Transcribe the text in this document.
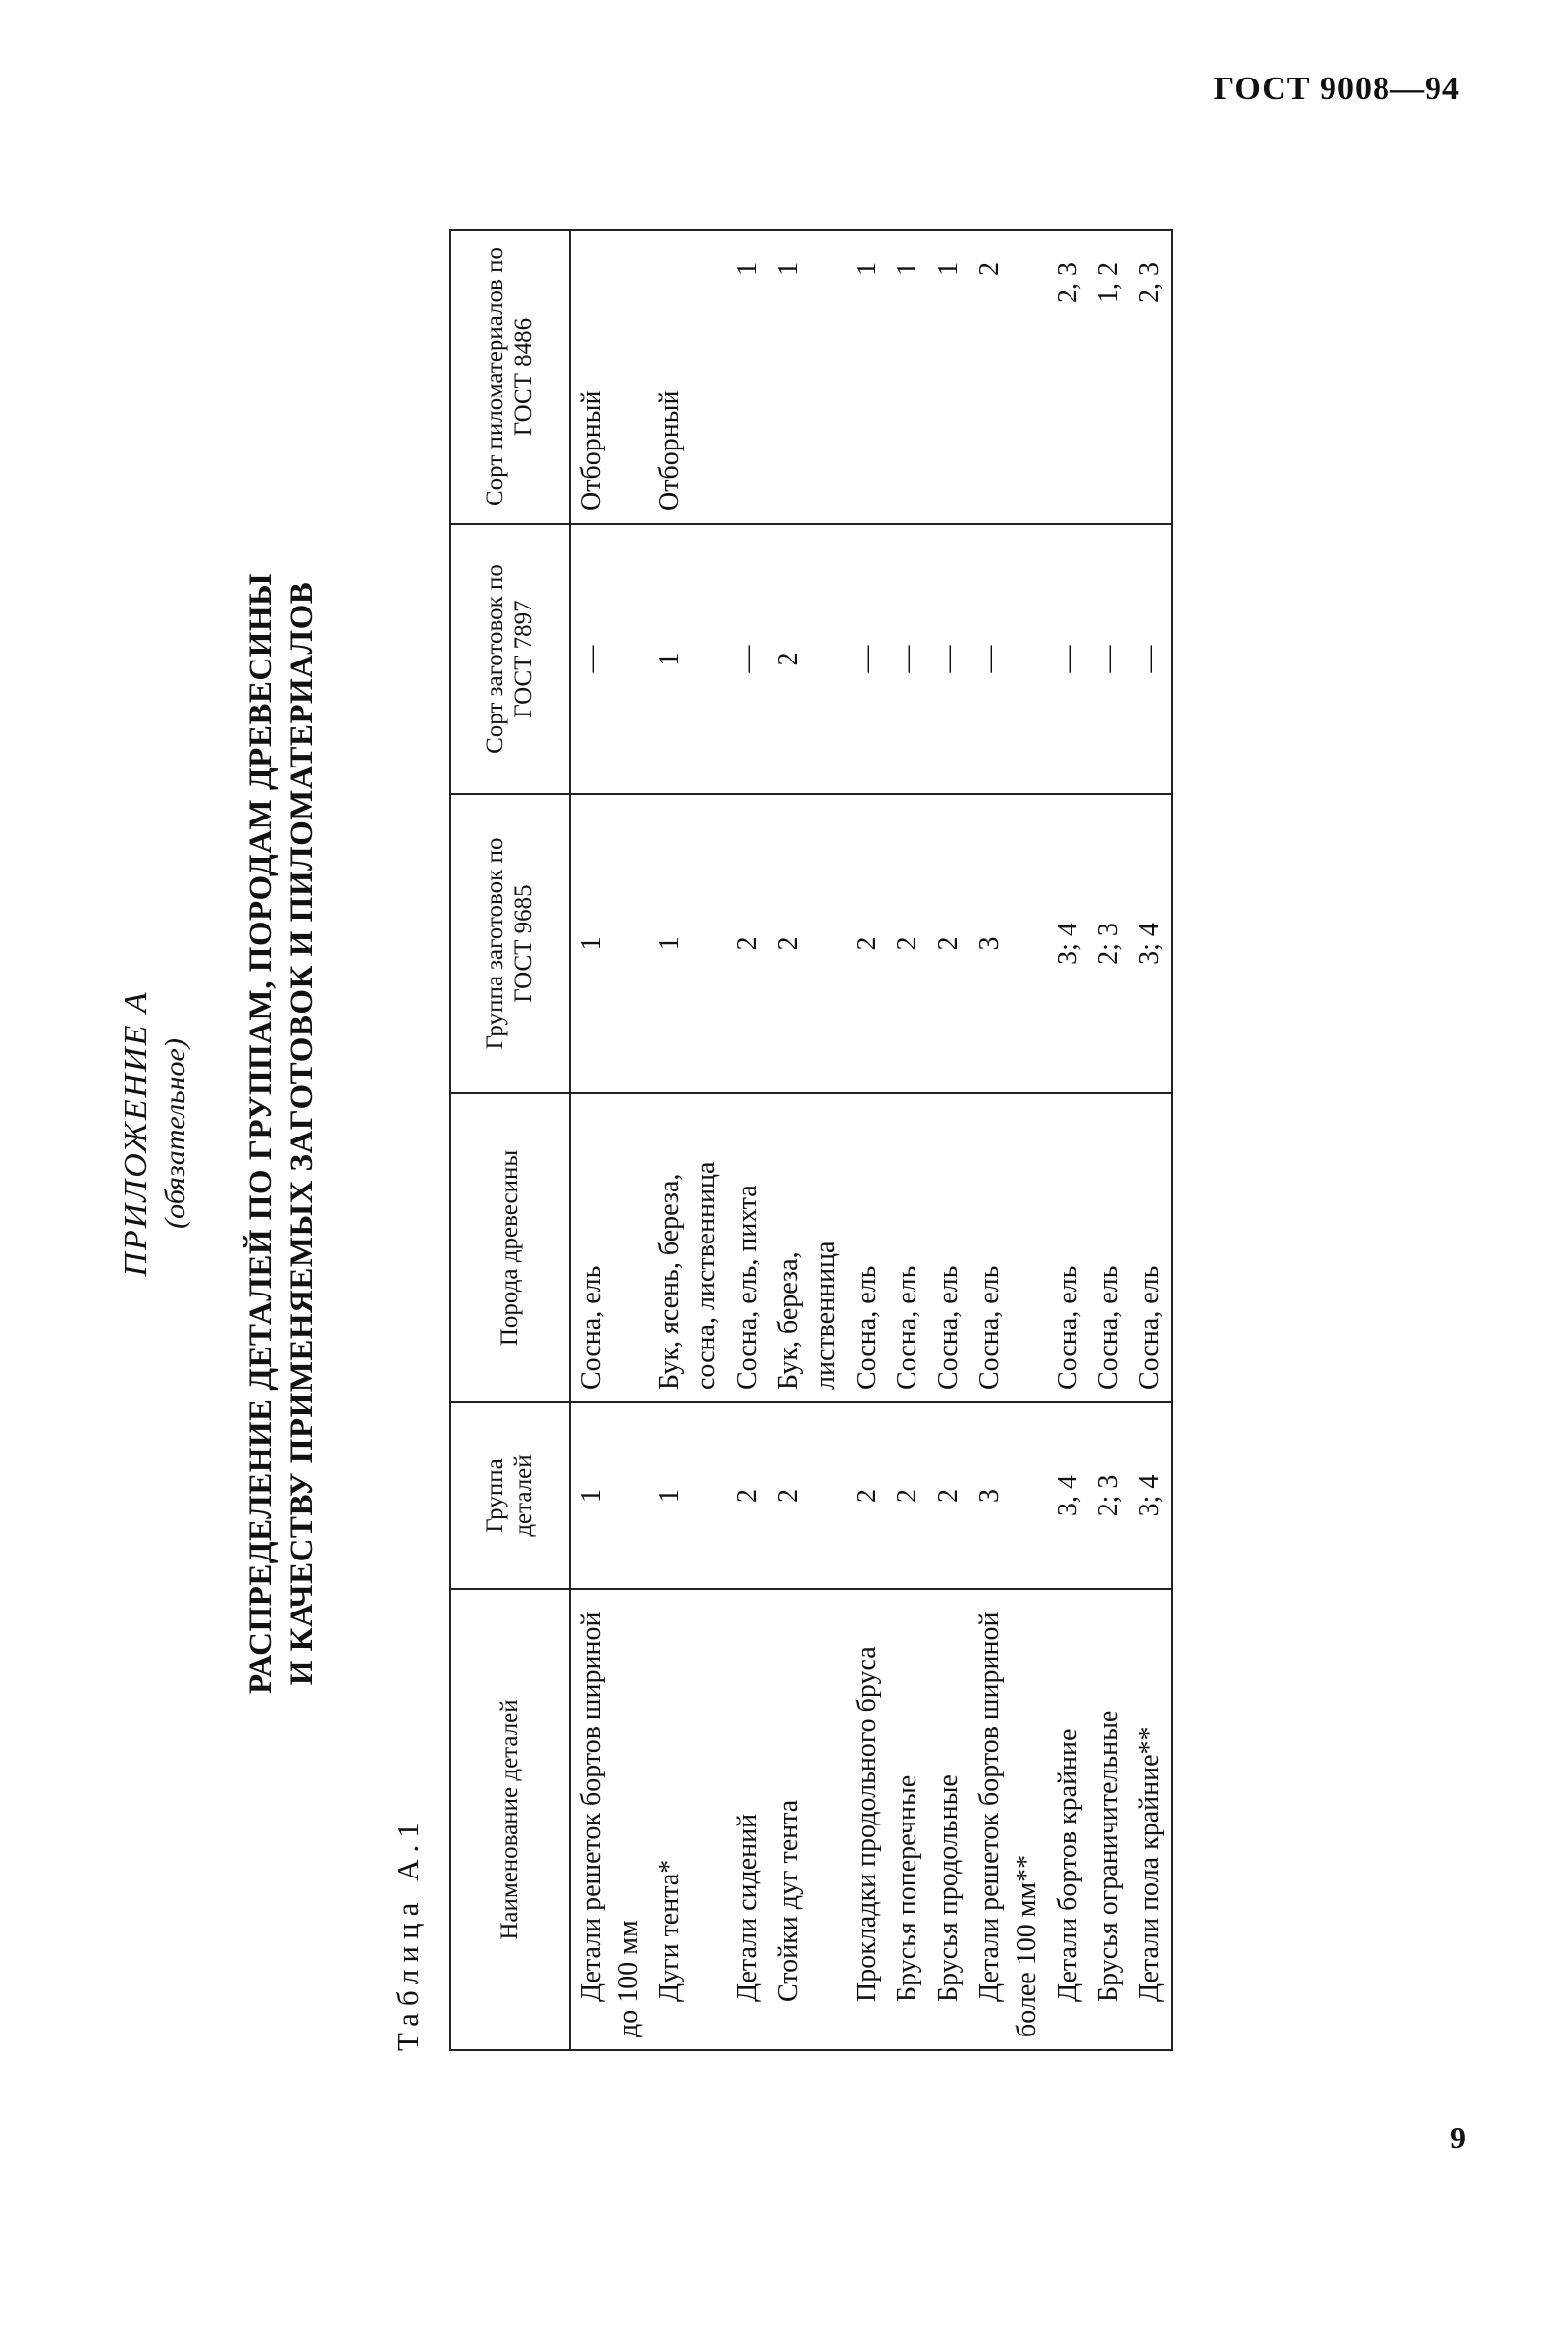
ГОСТ 9008—94
ПРИЛОЖЕНИЕ А (обязательное) РАСПРЕДЕЛЕНИЕ ДЕТАЛЕЙ ПО ГРУППАМ, ПОРОДАМ ДРЕВЕСИНЫ И КАЧЕСТВУ ПРИМЕНЯЕМЫХ ЗАГОТОВОК И ПИЛОМАТЕРИАЛОВ
Таблица А.1	Наименование деталей	Группа деталей	Порода древесины	Группа заготовок по ГОСТ 9685	Сорт заготовок по ГОСТ 7897	Сорт пиломатериалов по ГОСТ 8486
Детали решеток бортов шириной до 100 мм	1	Сосна, ель	1	—	Отборный

Дуги тента*	1	Бук, ясень, береза, сосна, лиственница	1	1	Отборный

Детали сидений	2	Сосна, ель, пихта	2	—	1

Стойки дуг тента	2	Бук, береза, лиственница	2	2	1

Прокладки продольного бруса	2	Сосна, ель	2	—	1

Брусья поперечные	2	Сосна, ель	2	—	1

Брусья продольные	2	Сосна, ель	2	—	1

Детали решеток бортов шириной более 100 мм**	3	Сосна, ель	3	—	2

Детали бортов крайние	3, 4	Сосна, ель	3; 4	—	2, 3

Брусья ограничительные	2; 3	Сосна, ель	2; 3	—	1, 2

Детали пола крайние**	3; 4	Сосна, ель	3; 4	—	2, 3
9
